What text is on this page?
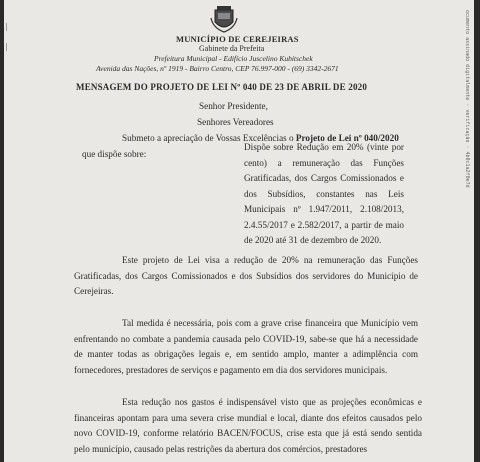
ocumento assinado digitalmente · verificação · 4b0c1a2f0e7d
MUNICÍPIO DE CEREJEIRAS
Gabinete da Prefeita
Prefeitura Municipal - Edifício Juscelino Kubitschek
Avenida das Nações, nº 1919 - Bairro Centro, CEP 76.997-000 - (69) 3342-2671
MENSAGEM DO PROJETO DE LEI Nº 040 DE 23 DE ABRIL DE 2020
Senhor Presidente,
Senhores Vereadores
Submeto a apreciação de Vossas Excelências o Projeto de Lei nº 040/2020
que dispõe sobre:
Dispõe sobre Redução em 20% (vinte por cento) a remuneração das Funções Gratificadas, dos Cargos Comissionados e dos Subsídios, constantes nas Leis Municipais nº 1.947/2011, 2.108/2013, 2.4.55/2017 e 2.582/2017, a partir de maio de 2020 até 31 de dezembro de 2020.
Este projeto de Lei visa a redução de 20% na remuneração das Funções Gratificadas, dos Cargos Comissionados e dos Subsídios dos servidores do Município de Cerejeiras.
Tal medida é necessária, pois com a grave crise financeira que Município vem enfrentando no combate a pandemia causada pelo COVID-19, sabe-se que há a necessidade de manter todas as obrigações legais e, em sentido amplo, manter a adimplência com fornecedores, prestadores de serviços e pagamento em dia dos servidores municipais.
Esta redução nos gastos é indispensável visto que as projeções econômicas e financeiras apontam para uma severa crise mundial e local, diante dos efeitos causados pelo novo COVID-19, conforme relatório BACEN/FOCUS, crise esta que já está sendo sentida pelo município, causado pelas restrições da abertura dos comércios, prestadores
|
|
